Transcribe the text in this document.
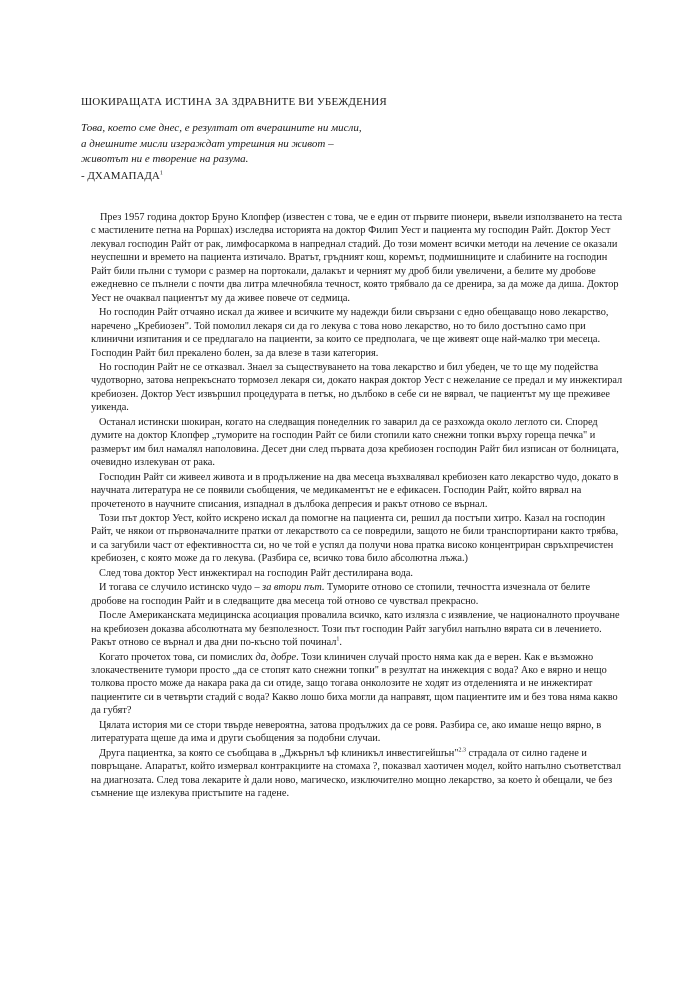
ШОКИРАЩАТА ИСТИНА ЗА ЗДРАВНИТЕ ВИ УБЕЖДЕНИЯ
Това, което сме днес, е резултат от вчерашните ни мисли,
а днешните мисли изграждат утрешния ни живот –
животът ни е творение на разума.
- ДХАМАПАДА$^1$

През 1957 година доктор Бруно Клопфер (известен с това, че е един от първите пионери, въвели използването на теста с мастилените петна на Роршах) изследва историята на доктор Филип Уест и пациента му господин Райт. Доктор Уест лекувал господин Райт от рак, лимфосаркома в напреднал стадий. До този момент всички методи на лечение се оказали неуспешни и времето на пациента изтичало. Вратът, гръдният кош, коремът, подмишниците и слабините на господин Райт били пълни с тумори с размер на портокали, далакът и черният му дроб били увеличени, а белите му дробове ежедневно се пълнели с почти два литра млечнобяла течност, която трябвало да се дренира, за да може да диша. Доктор Уест не очаквал пациентът му да живее повече от седмица.

Но господин Райт отчаяно искал да живее и всичките му надежди били свързани с едно обещаващо ново лекарство, наречено „Кребиозен". Той помолил лекаря си да го лекува с това ново лекарство, но то било достъпно само при клинични изпитания и се предлагало на пациенти, за които се предполага, че ще живеят още най-малко три месеца. Господин Райт бил прекалено болен, за да влезе в тази категория.

Но господин Райт не се отказвал. Знаел за съществуването на това лекарство и бил убеден, че то ще му подейства чудотворно, затова непрекъснато тормозел лекаря си, докато накрая доктор Уест с нежелание се предал и му инжектирал кребиозен. Доктор Уест извършил процедурата в петък, но дълбоко в себе си не вярвал, че пациентът му ще преживее уикенда.

Останал истински шокиран, когато на следващия понеделник го заварил да се разхожда около леглото си. Според думите на доктор Клопфер „туморите на господин Райт се били стопили като снежни топки върху гореща печка" и размерът им бил намалял наполовина. Десет дни след първата доза кребиозен господин Райт бил изписан от болницата, очевидно излекуван от рака.

Господин Райт си живеел живота и в продължение на два месеца възхвалявал кребиозен като лекарство чудо, докато в научната литература не се появили съобщения, че медикаментът не е ефикасен. Господин Райт, който вярвал на прочетеното в научните списания, изпаднал в дълбока депресия и ракът отново се върнал.

Този път доктор Уест, който искрено искал да помогне на пациента си, решил да постъпи хитро. Казал на господин Райт, че някои от първоначалните пратки от лекарството са се повредили, защото не били транспортирани както трябва, и са загубили част от ефективността си, но че той е успял да получи нова пратка високо концентриран свръхпречистен кребиозен, с която може да го лекува. (Разбира се, всичко това било абсолютна лъжа.)

След това доктор Уест инжектирал на господин Райт дестилирана вода.

И тогава се случило истинско чудо – за втори път. Туморите отново се стопили, течността изчезнала от белите дробове на господин Райт и в следващите два месеца той отново се чувствал прекрасно.

После Американската медицинска асоциация провалила всичко, като излязла с изявление, че националното проучване на кребиозен доказва абсолютната му безполезност. Този път господин Райт загубил напълно вярата си в лечението. Ракът отново се върнал и два дни по-късно той починал$^1$.

Когато прочетох това, си помислих да, добре. Този клиничен случай просто няма как да е верен. Как е възможно злокачествените тумори просто „да се стопят като снежни топки" в резултат на инжекция с вода? Ако е вярно и нещо толкова просто може да накара рака да си отиде, защо тогава онколозите не ходят из отделенията и не инжектират пациентите си в четвърти стадий с вода? Какво лошо биха могли да направят, щом пациентите им и без това няма какво да губят?

Цялата история ми се стори твърде невероятна, затова продължих да се ровя. Разбира се, ако имаше нещо вярно, в литературата щеше да има и други съобщения за подобни случаи.

Друга пациентка, за която се съобщава в „Джърнъл ъф клиникъл инвестигейшън"$^{2.3}$ страдала от силно гадене и повръщане. Апаратът, който измервал контракциите на стомаха ?, показвал хаотичен модел, който напълно съответствал на диагнозата. След това лекарите ѝ дали ново, магическо, изключително мощно лекарство, за което ѝ обещали, че без съмнение ще излекува пристъпите на гадене.
